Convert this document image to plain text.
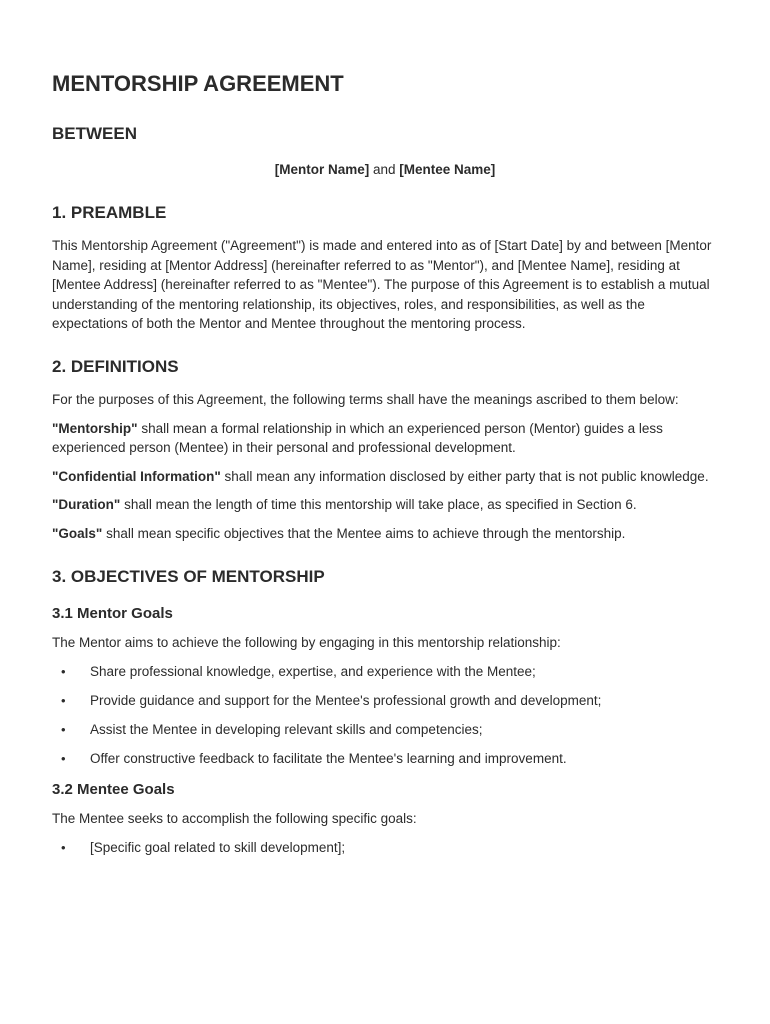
MENTORSHIP AGREEMENT
BETWEEN
[Mentor Name] and [Mentee Name]
1. PREAMBLE

This Mentorship Agreement ("Agreement") is made and entered into as of [Start Date] by and between [Mentor Name], residing at [Mentor Address] (hereinafter referred to as "Mentor"), and [Mentee Name], residing at [Mentee Address] (hereinafter referred to as "Mentee"). The purpose of this Agreement is to establish a mutual understanding of the mentoring relationship, its objectives, roles, and responsibilities, as well as the expectations of both the Mentor and Mentee throughout the mentoring process.

2. DEFINITIONS

For the purposes of this Agreement, the following terms shall have the meanings ascribed to them below:

"Mentorship" shall mean a formal relationship in which an experienced person (Mentor) guides a less experienced person (Mentee) in their personal and professional development.

"Confidential Information" shall mean any information disclosed by either party that is not public knowledge.

"Duration" shall mean the length of time this mentorship will take place, as specified in Section 6.

"Goals" shall mean specific objectives that the Mentee aims to achieve through the mentorship.

3. OBJECTIVES OF MENTORSHIP
3.1 Mentor Goals

The Mentor aims to achieve the following by engaging in this mentorship relationship:

• Share professional knowledge, expertise, and experience with the Mentee;
• Provide guidance and support for the Mentee's professional growth and development;
• Assist the Mentee in developing relevant skills and competencies;
• Offer constructive feedback to facilitate the Mentee's learning and improvement.
3.2 Mentee Goals

The Mentee seeks to accomplish the following specific goals:

• [Specific goal related to skill development];
